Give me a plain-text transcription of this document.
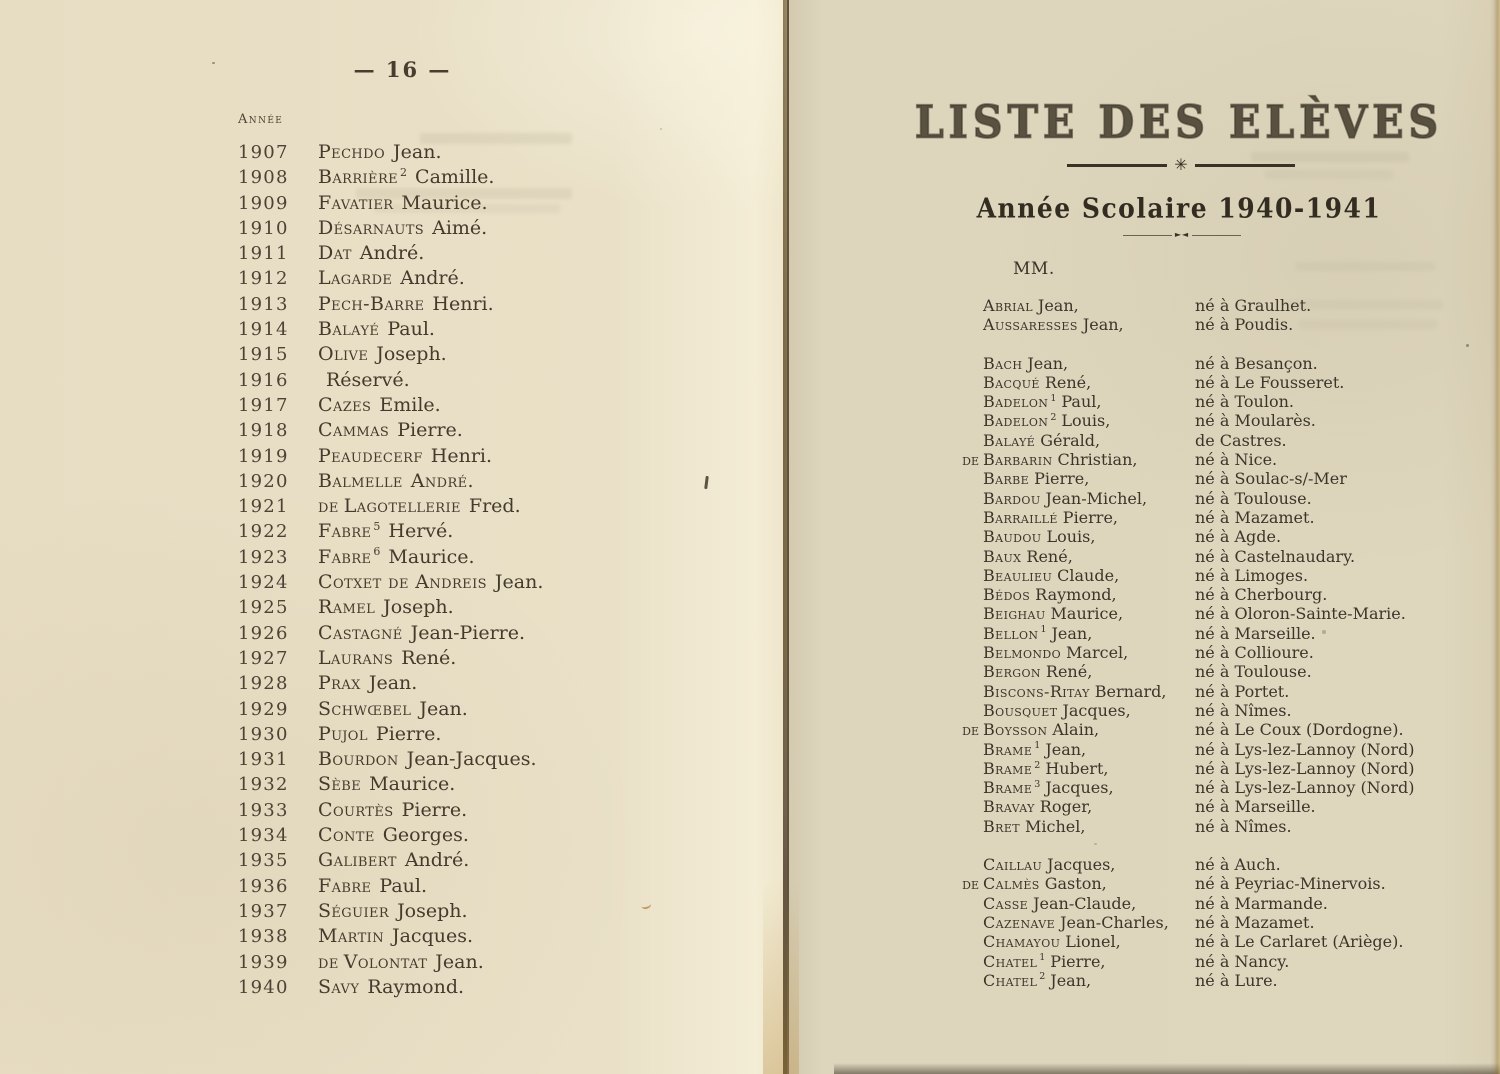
— 16 —
Année
1907	Pechdo Jean.
1908	Barrière $^2$ Camille.
1909	Favatier Maurice.
1910	Désarnauts Aimé.
1911	Dat André.
1912	Lagarde André.
1913	Pech-Barre Henri.
1914	Balayé Paul.
1915	Olive Joseph.
1916	Réservé.
1917	Cazes Emile.
1918	Cammas Pierre.
1919	Peaudecerf Henri.
1920	Balmelle André.
1921	de Lagotellerie Fred.
1922	Fabre $^5$ Hervé.
1923	Fabre $^6$ Maurice.
1924	Cotxet de Andreis Jean.
1925	Ramel Joseph.
1926	Castagné Jean-Pierre.
1927	Laurans René.
1928	Prax Jean.
1929	Schwœbel Jean.
1930	Pujol Pierre.
1931	Bourdon Jean-Jacques.
1932	Sèbe Maurice.
1933	Courtès Pierre.
1934	Conte Georges.
1935	Galibert André.
1936	Fabre Paul.
1937	Séguier Joseph.
1938	Martin Jacques.
1939	de Volontat Jean.
1940	Savy Raymond.
LISTE DES ELÈVES
✳
Année Scolaire 1940-1941
►◄
MM.
Abrial Jean,	né à Graulhet.
Aussaresses Jean,	né à Poudis.
Bach Jean,	né à Besançon.
Bacqué René,	né à Le Fousseret.
Badelon $^1$ Paul,	né à Toulon.
Badelon $^2$ Louis,	né à Moularès.
Balayé Gérald,	de Castres.
de Barbarin Christian,	né à Nice.
Barbe Pierre,	né à Soulac-s/-Mer
Bardou Jean-Michel,	né à Toulouse.
Barraillé Pierre,	né à Mazamet.
Baudou Louis,	né à Agde.
Baux René,	né à Castelnaudary.
Beaulieu Claude,	né à Limoges.
Bédos Raymond,	né à Cherbourg.
Beighau Maurice,	né à Oloron-Sainte-Marie.
Bellon $^1$ Jean,	né à Marseille.
Belmondo Marcel,	né à Collioure.
Bergon René,	né à Toulouse.
Biscons-Ritay Bernard,	né à Portet.
Bousquet Jacques,	né à Nîmes.
de Boysson Alain,	né à Le Coux (Dordogne).
Brame $^1$ Jean,	né à Lys-lez-Lannoy (Nord)
Brame $^2$ Hubert,	né à Lys-lez-Lannoy (Nord)
Brame $^3$ Jacques,	né à Lys-lez-Lannoy (Nord)
Bravay Roger,	né à Marseille.
Bret Michel,	né à Nîmes.
Caillau Jacques,	né à Auch.
de Calmès Gaston,	né à Peyriac-Minervois.
Casse Jean-Claude,	né à Marmande.
Cazenave Jean-Charles,	né à Mazamet.
Chamayou Lionel,	né à Le Carlaret (Ariège).
Chatel $^1$ Pierre,	né à Nancy.
Chatel $^2$ Jean,	né à Lure.
